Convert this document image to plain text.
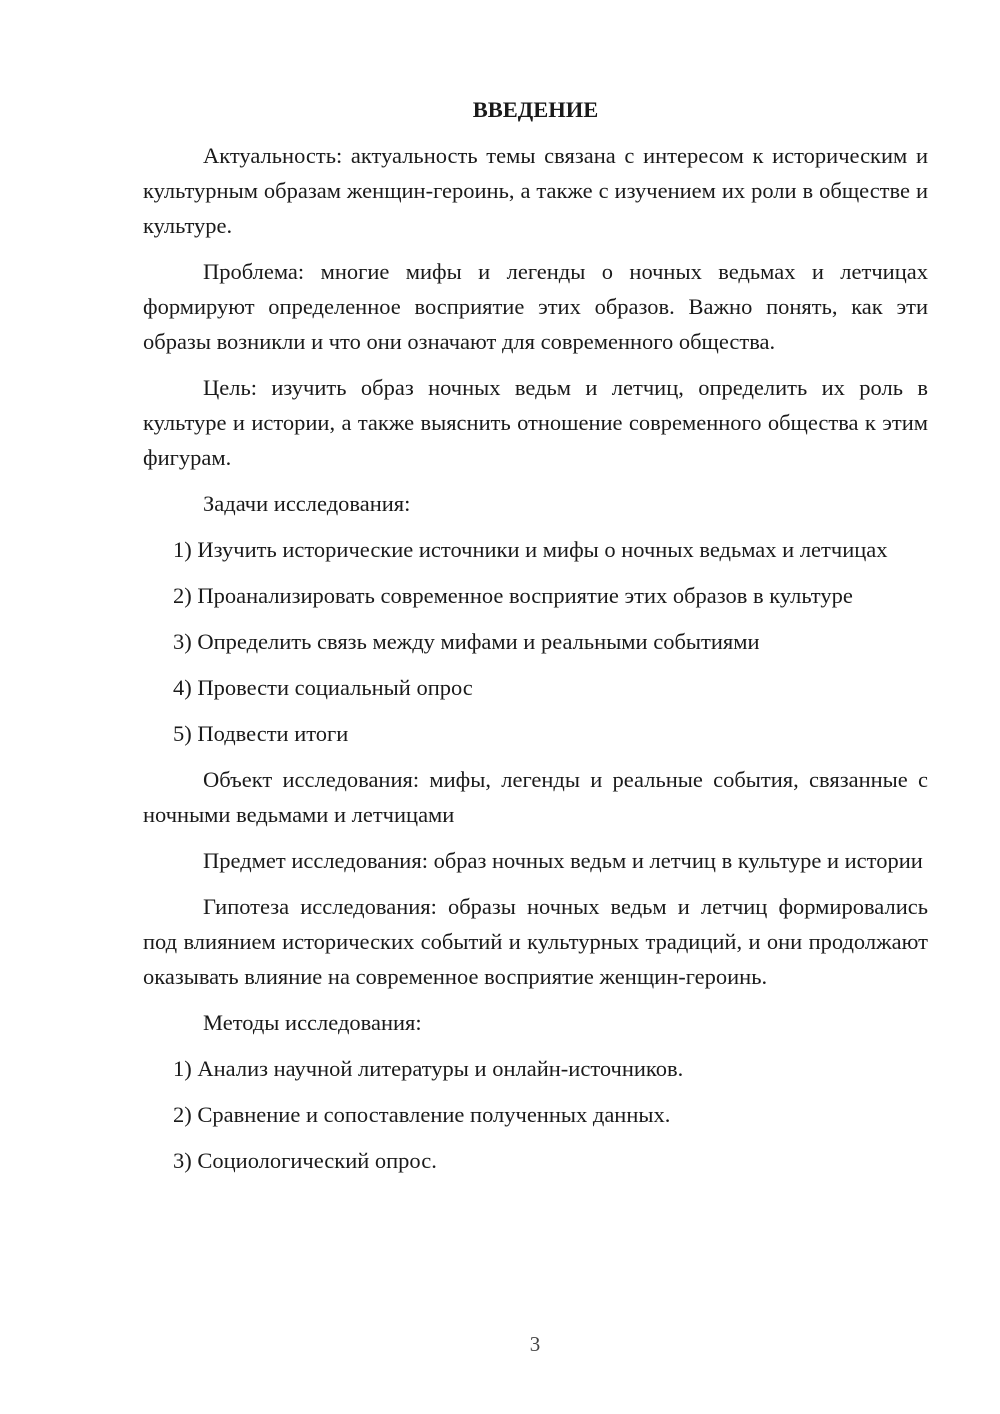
ВВЕДЕНИЕ

Актуальность: актуальность темы связана с интересом к историческим и культурным образам женщин-героинь, а также с изучением их роли в обществе и культуре.

Проблема: многие мифы и легенды о ночных ведьмах и летчицах формируют определенное восприятие этих образов. Важно понять, как эти образы возникли и что они означают для современного общества.

Цель: изучить образ ночных ведьм и летчиц, определить их роль в культуре и истории, а также выяснить отношение современного общества к этим фигурам.

Задачи исследования:

1) Изучить исторические источники и мифы о ночных ведьмах и летчицах

2) Проанализировать современное восприятие этих образов в культуре

3) Определить связь между мифами и реальными событиями

4) Провести социальный опрос

5) Подвести итоги

Объект исследования: мифы, легенды и реальные события, связанные с ночными ведьмами и летчицами

Предмет исследования: образ ночных ведьм и летчиц в культуре и истории

Гипотеза исследования: образы ночных ведьм и летчиц формировались под влиянием исторических событий и культурных традиций, и они продолжают оказывать влияние на современное восприятие женщин-героинь.

Методы исследования:

1) Анализ научной литературы и онлайн-источников.

2) Сравнение и сопоставление полученных данных.

3) Социологический опрос.

3
